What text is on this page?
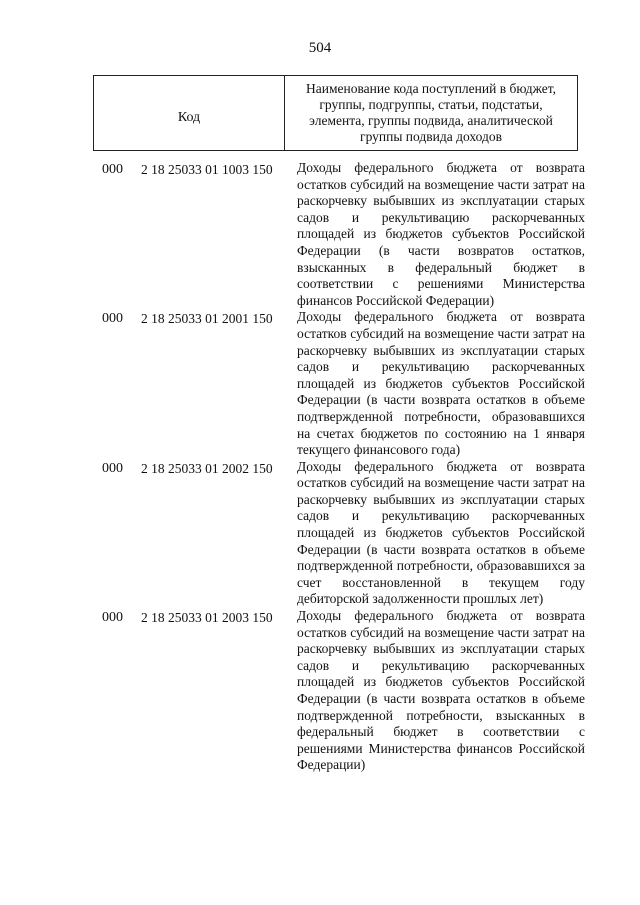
504
Код
Наименование кода поступлений в бюджет, группы, подгруппы, статьи, подстатьи, элемента, группы подвида, аналитической группы подвида доходов
000 2 18 25033 01 1003 150 Доходы федерального бюджета от возврата остатков субсидий на возмещение части затрат на раскорчевку выбывших из эксплуатации старых садов и рекультивацию раскорчеванных площадей из бюджетов субъектов Российской Федерации (в части возвратов остатков, взысканных в федеральный бюджет в соответствии с решениями Министерства финансов Российской Федерации)
000 2 18 25033 01 2001 150 Доходы федерального бюджета от возврата остатков субсидий на возмещение части затрат на раскорчевку выбывших из эксплуатации старых садов и рекультивацию раскорчеванных площадей из бюджетов субъектов Российской Федерации (в части возврата остатков в объеме подтвержденной потребности, образовавшихся на счетах бюджетов по состоянию на 1 января текущего финансового года)
000 2 18 25033 01 2002 150 Доходы федерального бюджета от возврата остатков субсидий на возмещение части затрат на раскорчевку выбывших из эксплуатации старых садов и рекультивацию раскорчеванных площадей из бюджетов субъектов Российской Федерации (в части возврата остатков в объеме подтвержденной потребности, образовавшихся за счет восстановленной в текущем году дебиторской задолженности прошлых лет)
000 2 18 25033 01 2003 150 Доходы федерального бюджета от возврата остатков субсидий на возмещение части затрат на раскорчевку выбывших из эксплуатации старых садов и рекультивацию раскорчеванных площадей из бюджетов субъектов Российской Федерации (в части возврата остатков в объеме подтвержденной потребности, взысканных в федеральный бюджет в соответствии с решениями Министерства финансов Российской Федерации)
